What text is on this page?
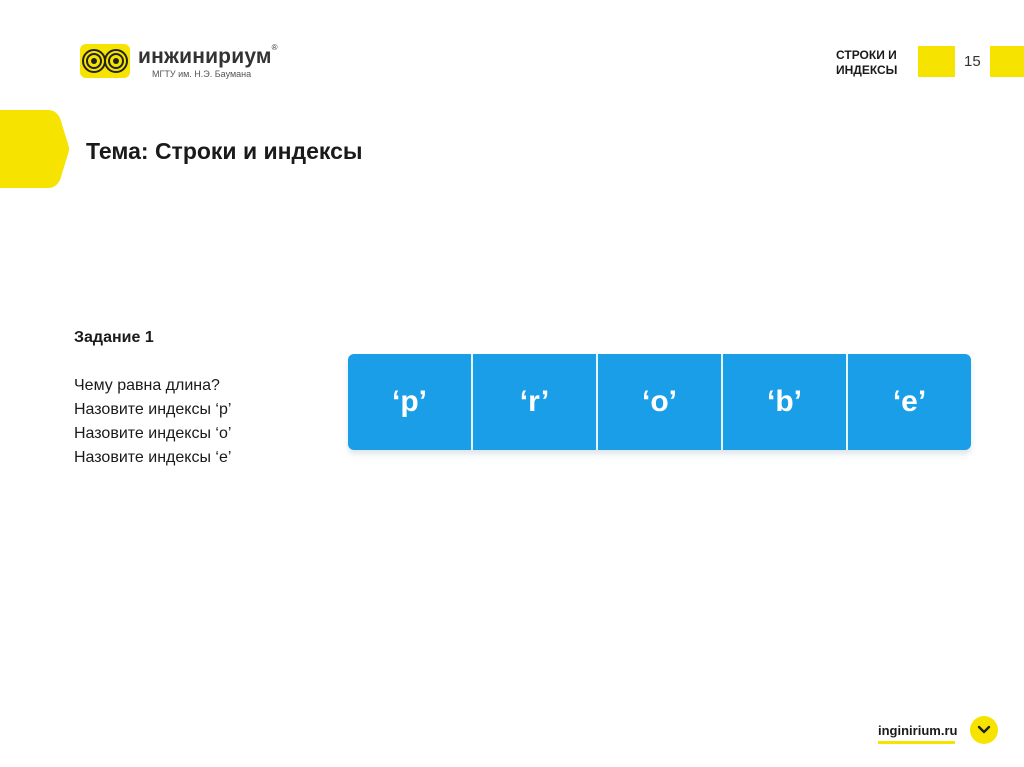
инжинириум®
МГТУ им. Н.Э. Баумана
СТРОКИ И ИНДЕКСЫ	15
Тема: Строки и индексы
Задание 1
Чему равна длина?
Назовите индексы ‘p’
Назовите индексы ‘o’
Назовите индексы ‘e’
‘p’	‘r’	‘o’	‘b’	‘e’
inginirium.ru
